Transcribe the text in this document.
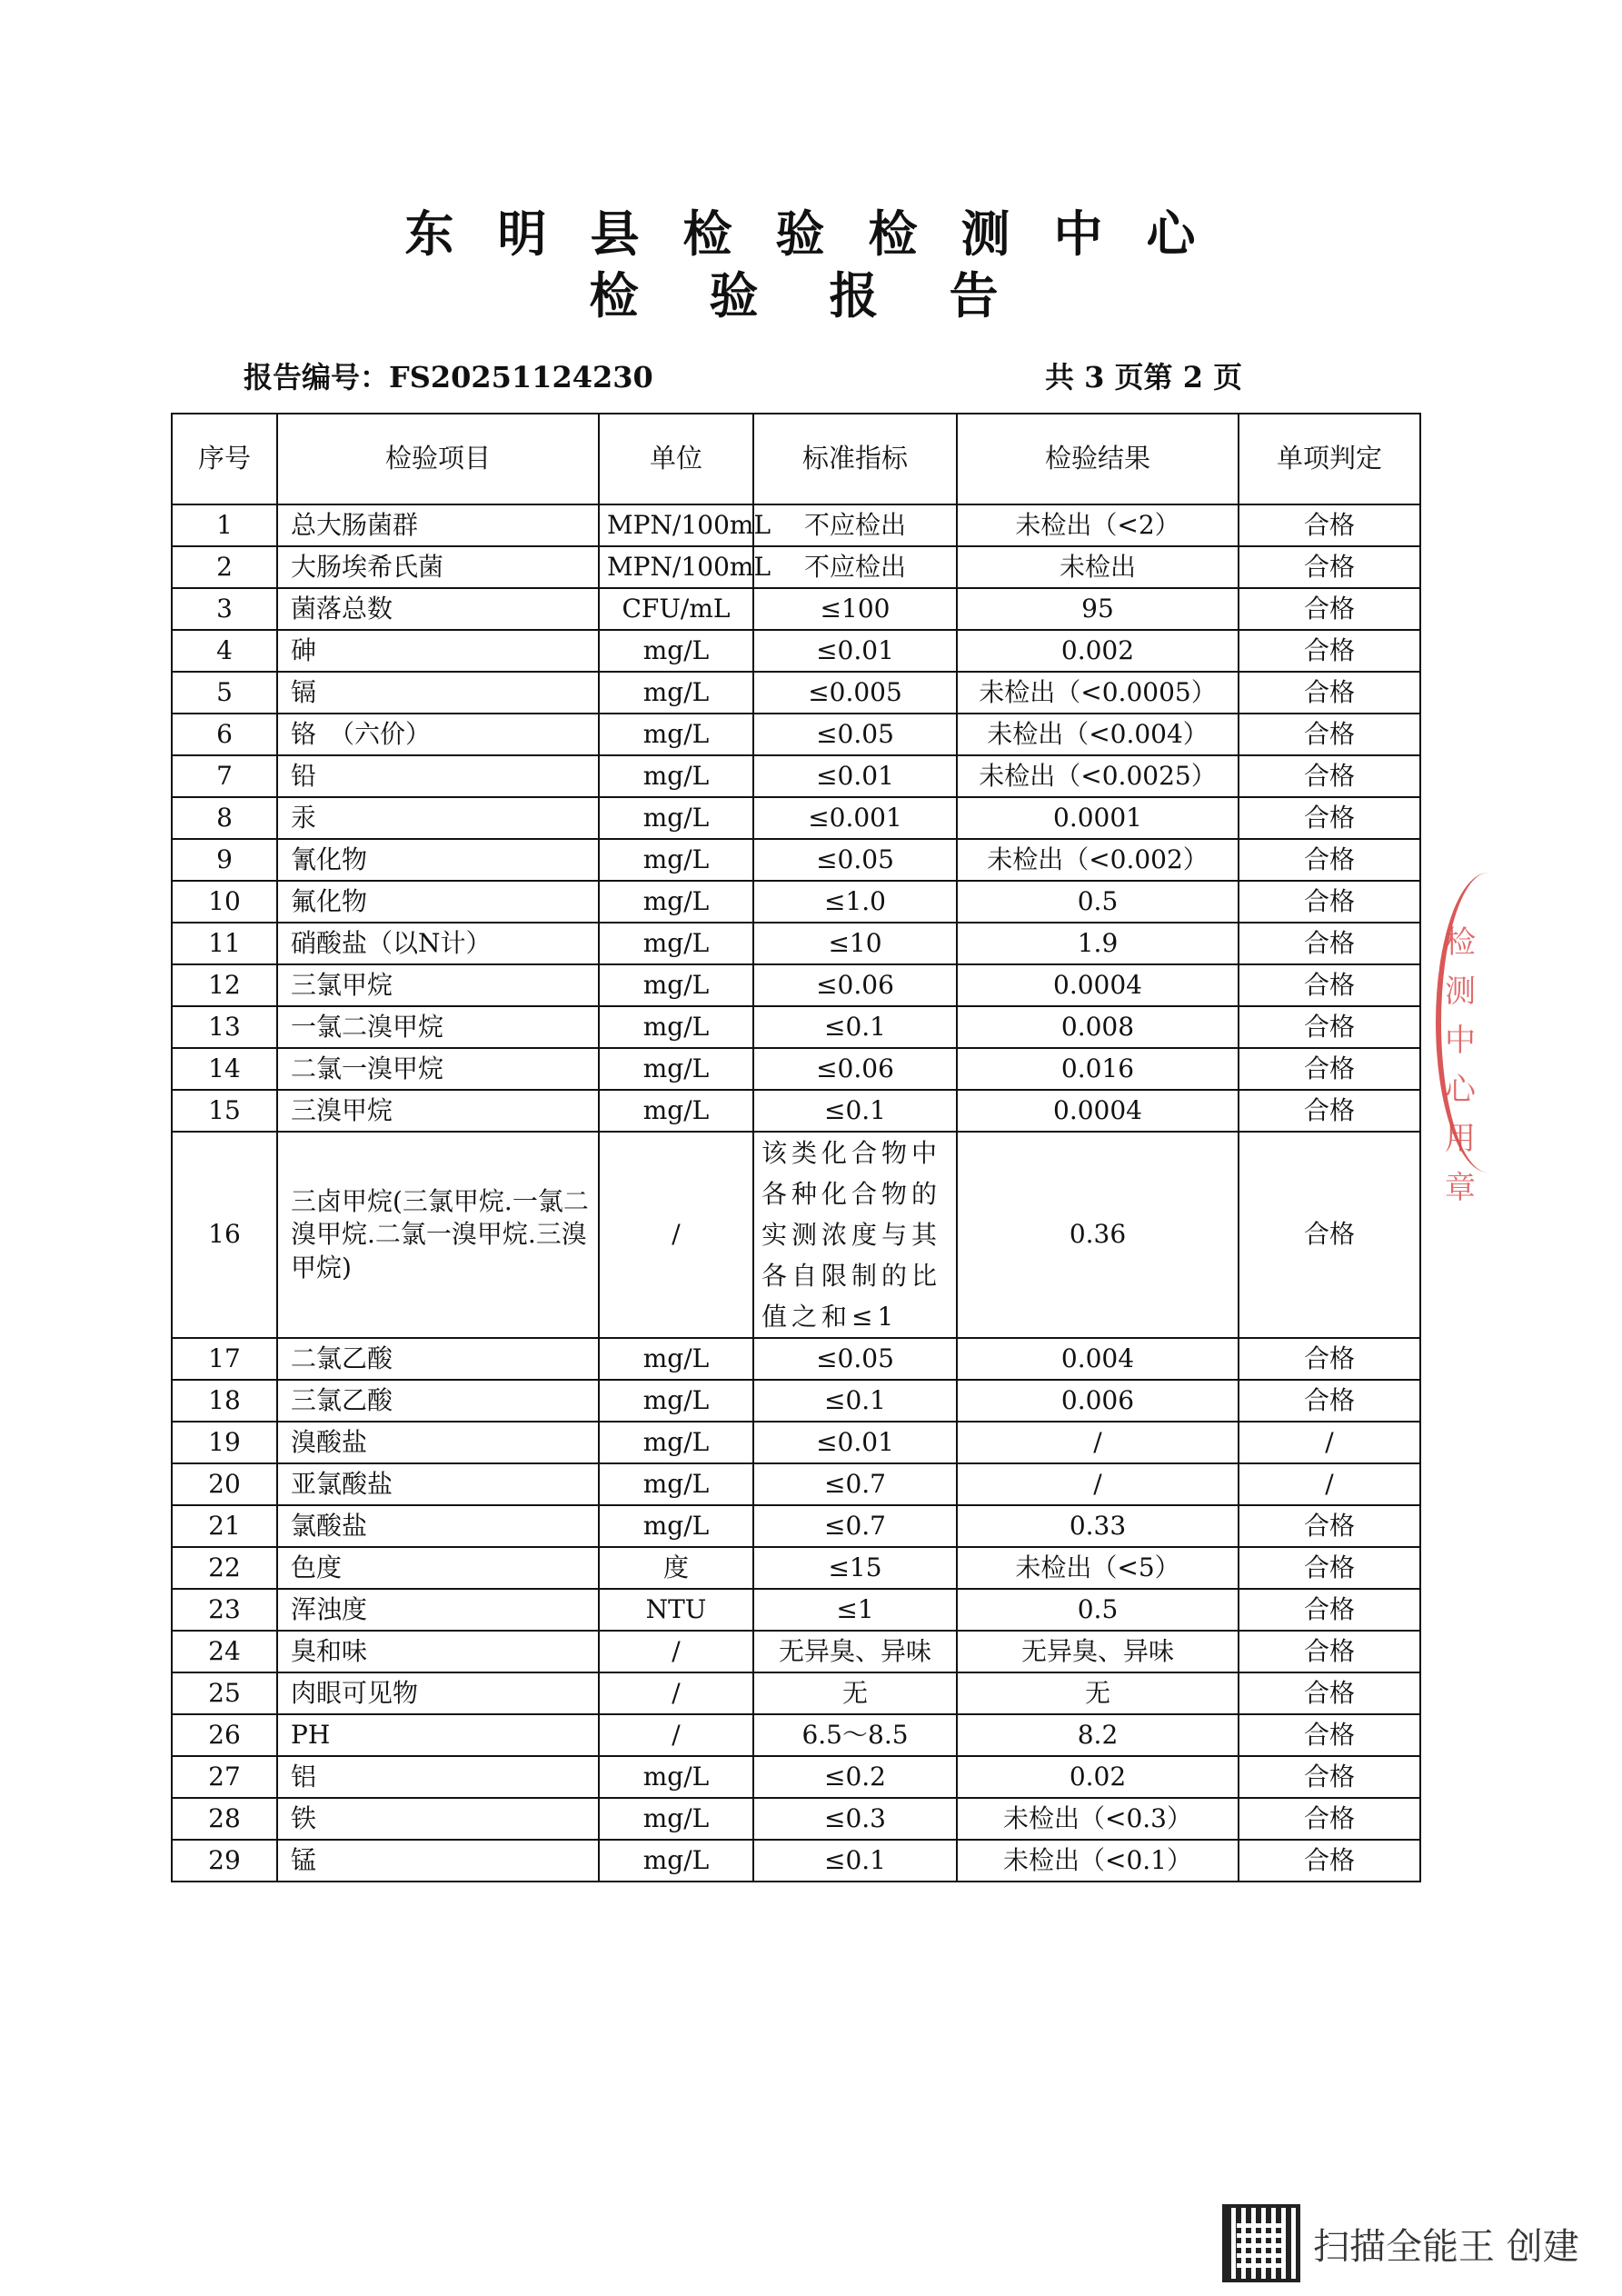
东明县检验检测中心
检验报告
报告编号：FS20251124230	共 3 页第 2 页
序号	检验项目	单位	标准指标	检验结果	单项判定
1	总大肠菌群	MPN/100mL	不应检出	未检出（<2）	合格
2	大肠埃希氏菌	MPN/100mL	不应检出	未检出	合格
3	菌落总数	CFU/mL	≤100	95	合格
4	砷	mg/L	≤0.01	0.002	合格
5	镉	mg/L	≤0.005	未检出（<0.0005）	合格
6	铬　（六价）	mg/L	≤0.05	未检出（<0.004）	合格
7	铅	mg/L	≤0.01	未检出（<0.0025）	合格
8	汞	mg/L	≤0.001	0.0001	合格
9	氰化物	mg/L	≤0.05	未检出（<0.002）	合格
10	氟化物	mg/L	≤1.0	0.5	合格
11	硝酸盐（以N计）	mg/L	≤10	1.9	合格
12	三氯甲烷	mg/L	≤0.06	0.0004	合格
13	一氯二溴甲烷	mg/L	≤0.1	0.008	合格
14	二氯一溴甲烷	mg/L	≤0.06	0.016	合格
15	三溴甲烷	mg/L	≤0.1	0.0004	合格
16	三卤甲烷(三氯甲烷.一氯二溴甲烷.二氯一溴甲烷.三溴甲烷)	/	该类化合物中各种化合物的实测浓度与其各自限制的比值之和≤1	0.36	合格
17	二氯乙酸	mg/L	≤0.05	0.004	合格
18	三氯乙酸	mg/L	≤0.1	0.006	合格
19	溴酸盐	mg/L	≤0.01	/	/
20	亚氯酸盐	mg/L	≤0.7	/	/
21	氯酸盐	mg/L	≤0.7	0.33	合格
22	色度	度	≤15	未检出（<5）	合格
23	浑浊度	NTU	≤1	0.5	合格
24	臭和味	/	无异臭、异味	无异臭、异味	合格
25	肉眼可见物	/	无	无	合格
26	PH	/	6.5～8.5	8.2	合格
27	铝	mg/L	≤0.2	0.02	合格
28	铁	mg/L	≤0.3	未检出（<0.3）	合格
29	锰	mg/L	≤0.1	未检出（<0.1）	合格
检测中心用章
扫描全能王 创建
